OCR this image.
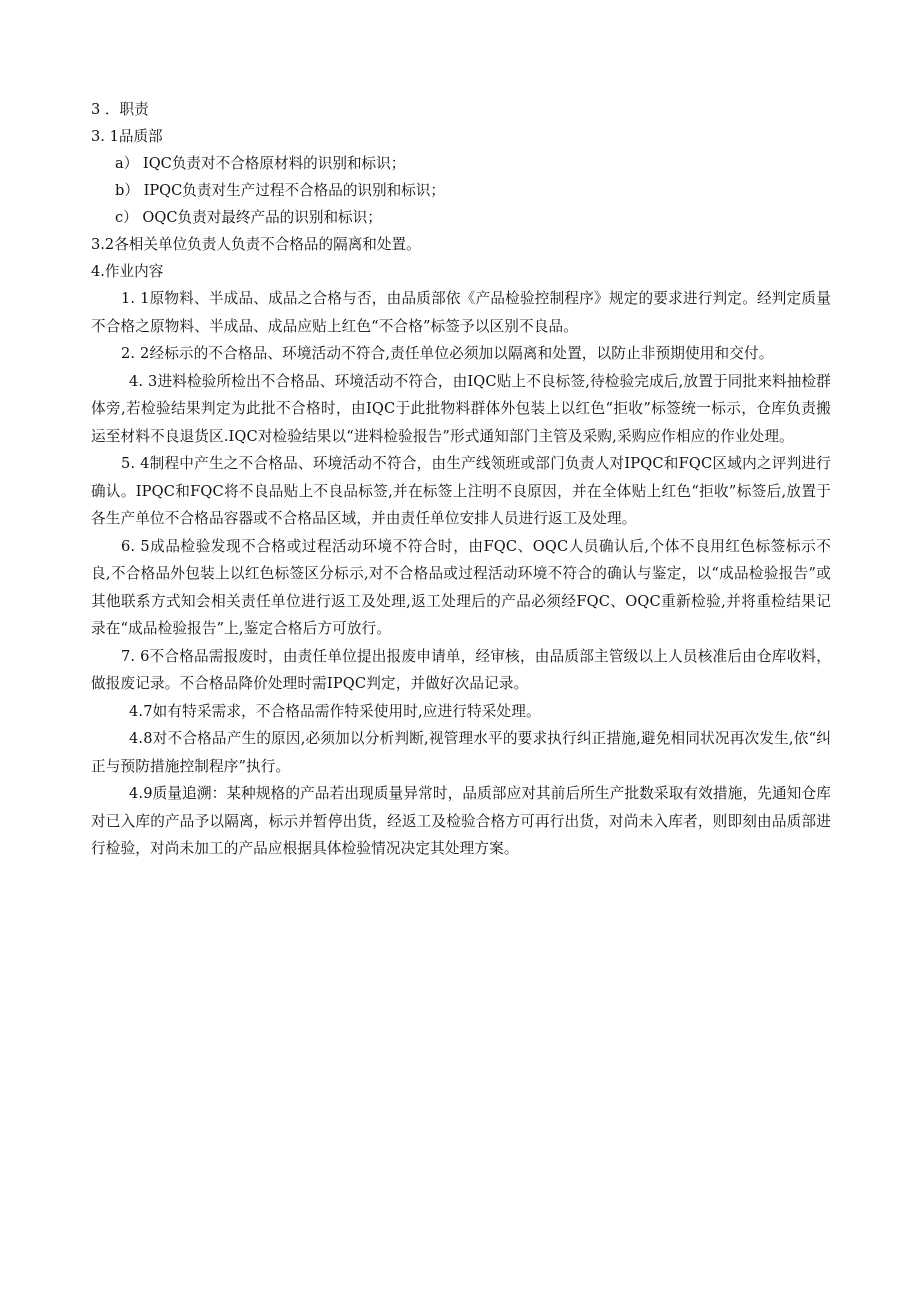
3 ．职责

3. 1品质部

a） IQC负责对不合格原材料的识别和标识；

b） IPQC负责对生产过程不合格品的识别和标识；

c） OQC负责对最终产品的识别和标识；

3.2各相关单位负责人负责不合格品的隔离和处置。

4.作业内容

1. 1原物料、半成品、成品之合格与否，由品质部依《产品检验控制程序》规定的要求进行判定。经判定质量不合格之原物料、半成品、成品应贴上红色“不合格”标签予以区别不良品。

2. 2经标示的不合格品、环境活动不符合,责任单位必须加以隔离和处置，以防止非预期使用和交付。

4. 3进料检验所检出不合格品、环境活动不符合，由IQC贴上不良标签,待检验完成后,放置于同批来料抽检群体旁,若检验结果判定为此批不合格时，由IQC于此批物料群体外包装上以红色“拒收”标签统一标示，仓库负责搬运至材料不良退货区.IQC对检验结果以“进料检验报告”形式通知部门主管及采购,采购应作相应的作业处理。

5. 4制程中产生之不合格品、环境活动不符合，由生产线领班或部门负责人对IPQC和FQC区域内之评判进行确认。IPQC和FQC将不良品贴上不良品标签,并在标签上注明不良原因，并在全体贴上红色“拒收”标签后,放置于各生产单位不合格品容器或不合格品区域，并由责任单位安排人员进行返工及处理。

6. 5成品检验发现不合格或过程活动环境不符合时，由FQC、OQC人员确认后,个体不良用红色标签标示不良,不合格品外包装上以红色标签区分标示,对不合格品或过程活动环境不符合的确认与鉴定，以“成品检验报告”或其他联系方式知会相关责任单位进行返工及处理,返工处理后的产品必须经FQC、OQC重新检验,并将重检结果记录在“成品检验报告”上,鉴定合格后方可放行。

7. 6不合格品需报废时，由责任单位提出报废申请单，经审核，由品质部主管级以上人员核准后由仓库收料，做报废记录。不合格品降价处理时需IPQC判定，并做好次品记录。

4.7如有特采需求，不合格品需作特采使用时,应进行特采处理。

4.8对不合格品产生的原因,必须加以分析判断,视管理水平的要求执行纠正措施,避免相同状况再次发生,依“纠正与预防措施控制程序”执行。

4.9质量追溯：某种规格的产品若出现质量异常时，品质部应对其前后所生产批数采取有效措施，先通知仓库对已入库的产品予以隔离，标示并暂停出货，经返工及检验合格方可再行出货，对尚未入库者，则即刻由品质部进行检验，对尚未加工的产品应根据具体检验情况决定其处理方案。
